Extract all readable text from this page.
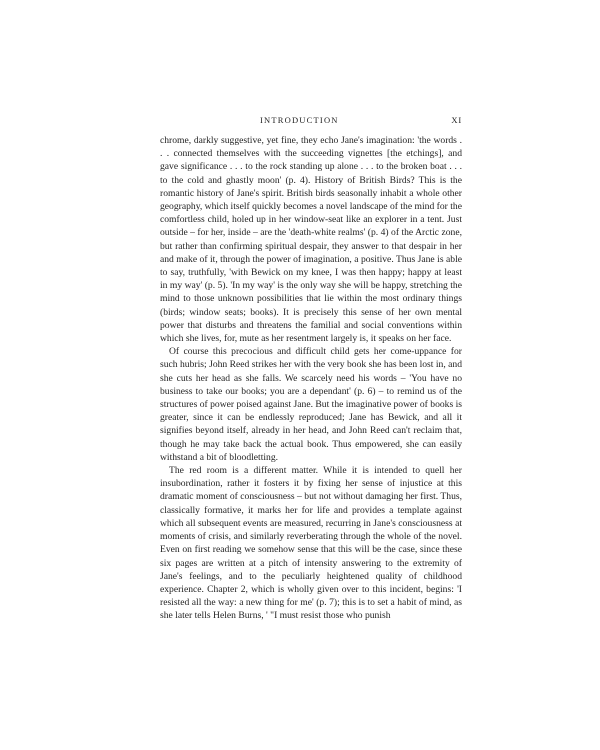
INTRODUCTION	XI

chrome, darkly suggestive, yet fine, they echo Jane's imagination: 'the words . . . connected themselves with the succeeding vignettes [the etchings], and gave significance . . . to the rock standing up alone . . . to the broken boat . . . to the cold and ghastly moon' (p. 4). History of British Birds? This is the romantic history of Jane's spirit. British birds seasonally inhabit a whole other geography, which itself quickly becomes a novel landscape of the mind for the comfortless child, holed up in her window-seat like an explorer in a tent. Just outside – for her, inside – are the 'death-white realms' (p. 4) of the Arctic zone, but rather than confirming spiritual despair, they answer to that despair in her and make of it, through the power of imagination, a positive. Thus Jane is able to say, truthfully, 'with Bewick on my knee, I was then happy; happy at least in my way' (p. 5). 'In my way' is the only way she will be happy, stretching the mind to those unknown possibilities that lie within the most ordinary things (birds; window seats; books). It is precisely this sense of her own mental power that disturbs and threatens the familial and social conventions within which she lives, for, mute as her resentment largely is, it speaks on her face.

Of course this precocious and difficult child gets her come-uppance for such hubris; John Reed strikes her with the very book she has been lost in, and she cuts her head as she falls. We scarcely need his words – 'You have no business to take our books; you are a dependant' (p. 6) – to remind us of the structures of power poised against Jane. But the imaginative power of books is greater, since it can be endlessly reproduced; Jane has Bewick, and all it signifies beyond itself, already in her head, and John Reed can't reclaim that, though he may take back the actual book. Thus empowered, she can easily withstand a bit of bloodletting.

The red room is a different matter. While it is intended to quell her insubordination, rather it fosters it by fixing her sense of injustice at this dramatic moment of consciousness – but not without damaging her first. Thus, classically formative, it marks her for life and provides a template against which all subsequent events are measured, recurring in Jane's consciousness at moments of crisis, and similarly reverberating through the whole of the novel. Even on first reading we somehow sense that this will be the case, since these six pages are written at a pitch of intensity answering to the extremity of Jane's feelings, and to the peculiarly heightened quality of childhood experience. Chapter 2, which is wholly given over to this incident, begins: 'I resisted all the way: a new thing for me' (p. 7); this is to set a habit of mind, as she later tells Helen Burns, ' "I must resist those who punish
